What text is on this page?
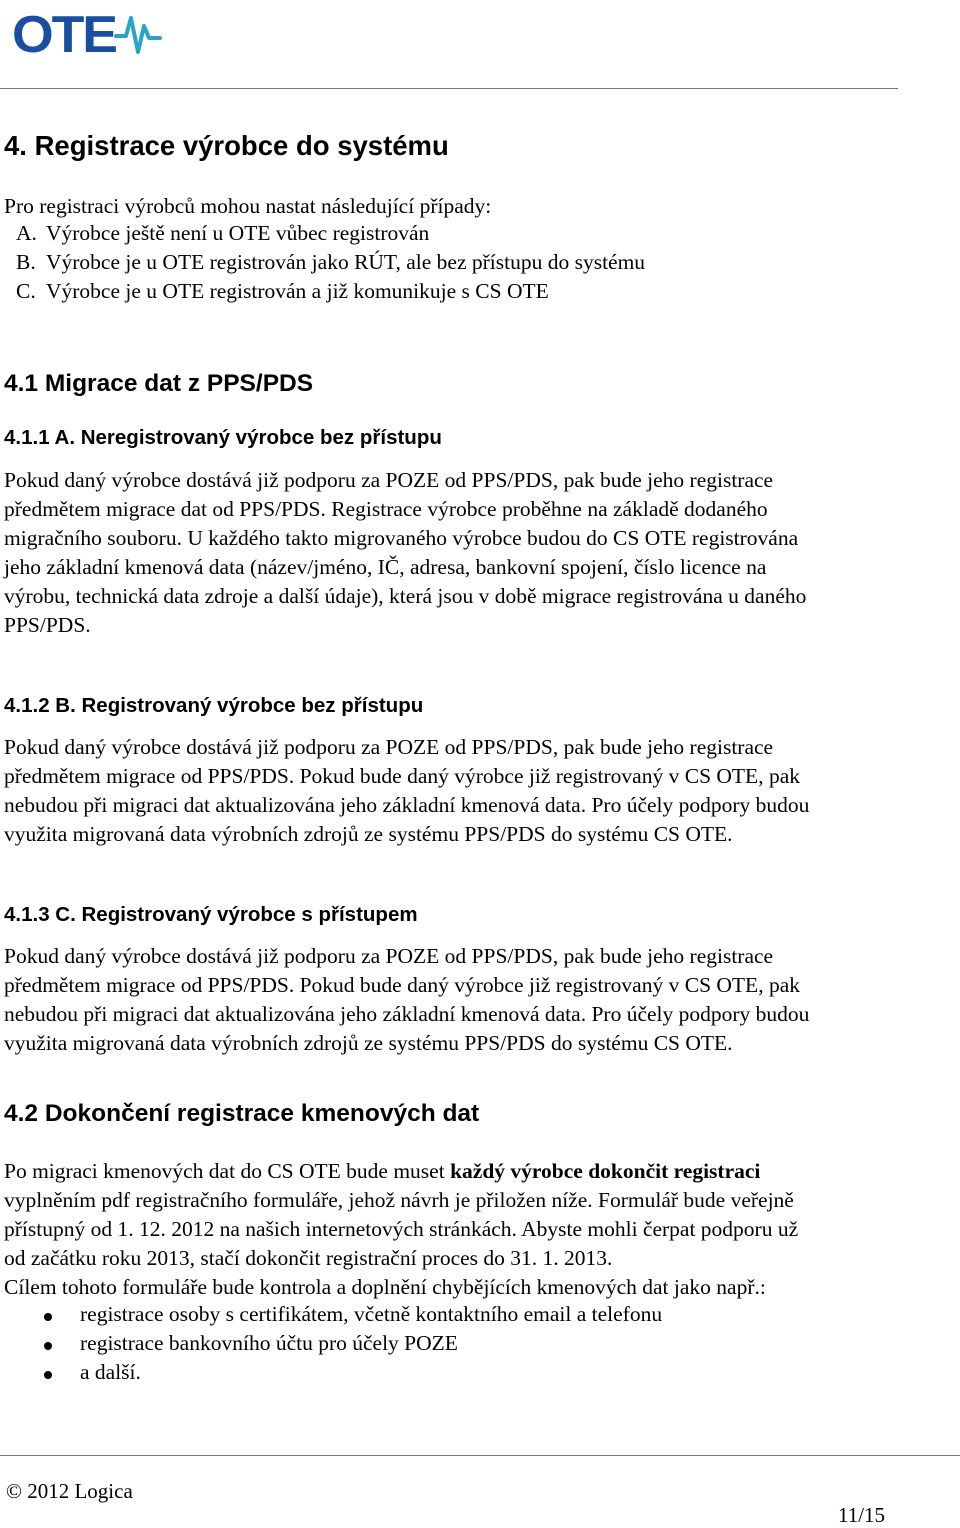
OTE
4. Registrace výrobce do systému
Pro registraci výrobců mohou nastat následující případy:
A. Výrobce ještě není u OTE vůbec registrován
B. Výrobce je u OTE registrován jako RÚT, ale bez přístupu do systému
C. Výrobce je u OTE registrován a již komunikuje s CS OTE
4.1 Migrace dat z PPS/PDS
4.1.1 A. Neregistrovaný výrobce bez přístupu
Pokud daný výrobce dostává již podporu za POZE od PPS/PDS, pak bude jeho registrace
předmětem migrace dat od PPS/PDS. Registrace výrobce proběhne na základě dodaného
migračního souboru. U každého takto migrovaného výrobce budou do CS OTE registrována
jeho základní kmenová data (název/jméno, IČ, adresa, bankovní spojení, číslo licence na
výrobu, technická data zdroje a další údaje), která jsou v době migrace registrována u daného
PPS/PDS.
4.1.2 B. Registrovaný výrobce bez přístupu
Pokud daný výrobce dostává již podporu za POZE od PPS/PDS, pak bude jeho registrace
předmětem migrace od PPS/PDS. Pokud bude daný výrobce již registrovaný v CS OTE, pak
nebudou při migraci dat aktualizována jeho základní kmenová data. Pro účely podpory budou
využita migrovaná data výrobních zdrojů ze systému PPS/PDS do systému CS OTE.
4.1.3 C. Registrovaný výrobce s přístupem
Pokud daný výrobce dostává již podporu za POZE od PPS/PDS, pak bude jeho registrace
předmětem migrace od PPS/PDS. Pokud bude daný výrobce již registrovaný v CS OTE, pak
nebudou při migraci dat aktualizována jeho základní kmenová data. Pro účely podpory budou
využita migrovaná data výrobních zdrojů ze systému PPS/PDS do systému CS OTE.
4.2 Dokončení registrace kmenových dat
Po migraci kmenových dat do CS OTE bude muset každý výrobce dokončit registraci
vyplněním pdf registračního formuláře, jehož návrh je přiložen níže. Formulář bude veřejně
přístupný od 1. 12. 2012 na našich internetových stránkách. Abyste mohli čerpat podporu už
od začátku roku 2013, stačí dokončit registrační proces do 31. 1. 2013.
Cílem tohoto formuláře bude kontrola a doplnění chybějících kmenových dat jako např.:
registrace osoby s certifikátem, včetně kontaktního email a telefonu
registrace bankovního účtu pro účely POZE
a další.
© 2012 Logica
11/15
